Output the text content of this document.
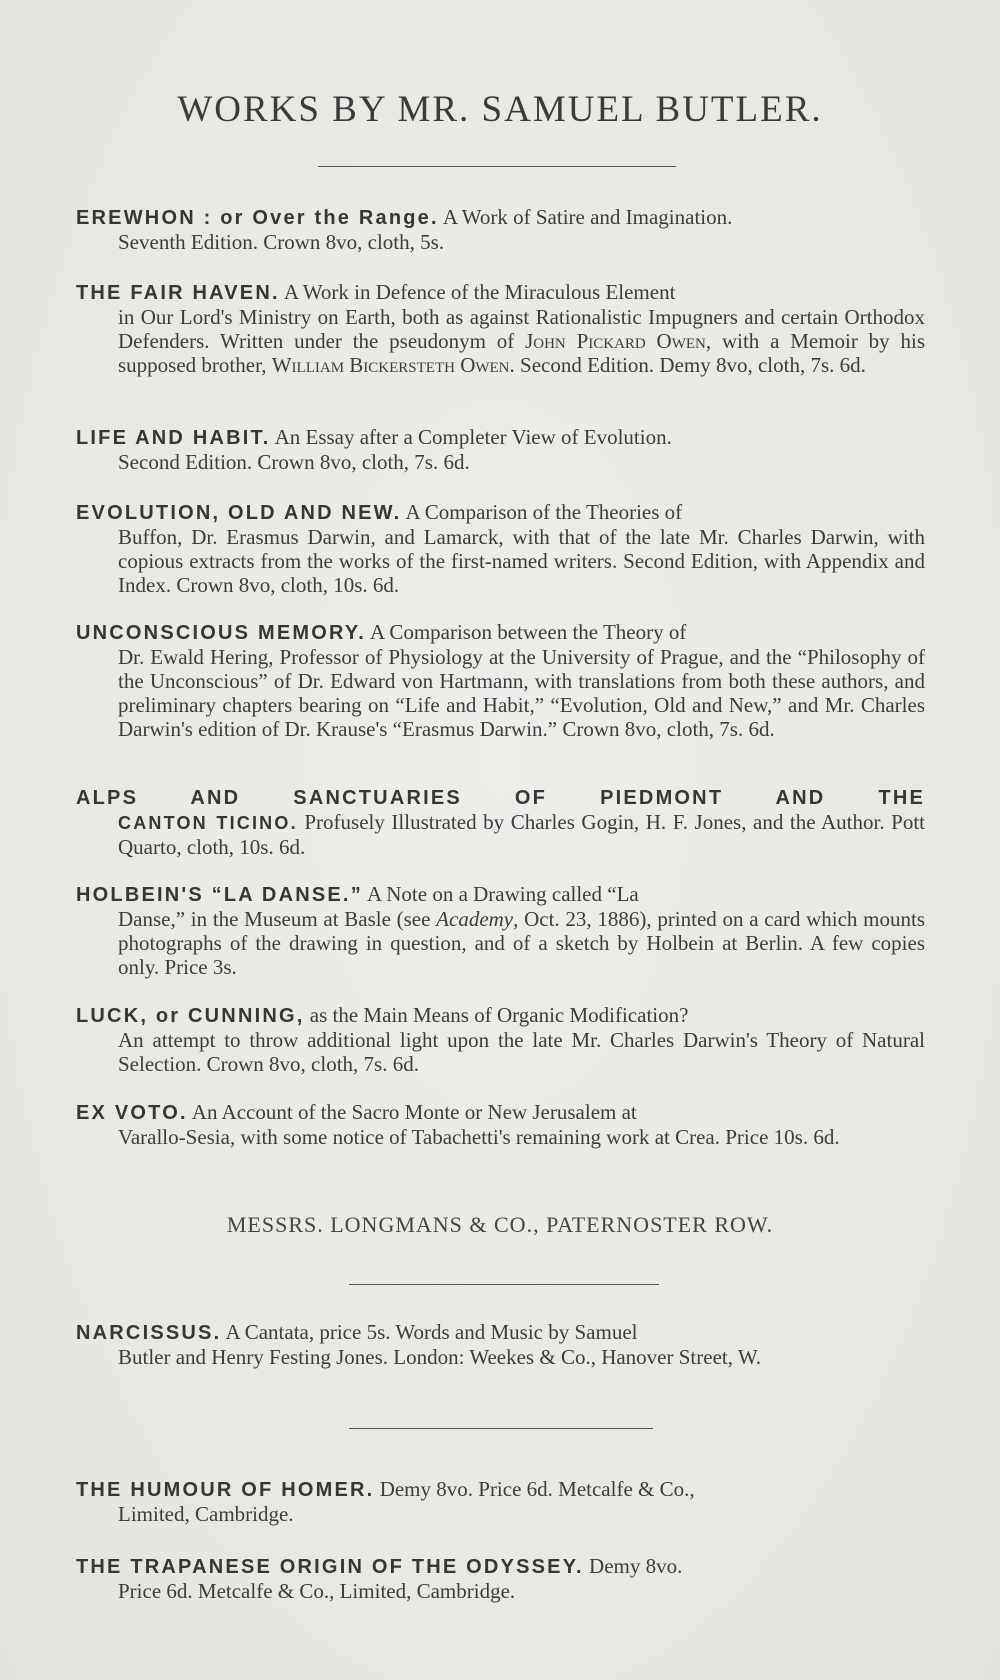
WORKS BY MR. SAMUEL BUTLER.

EREWHON : or Over the Range. A Work of Satire and Imagination.
Seventh Edition. Crown 8vo, cloth, 5s.

THE FAIR HAVEN. A Work in Defence of the Miraculous Element
in Our Lord's Ministry on Earth, both as against Rationalistic Impugners and certain Orthodox Defenders. Written under the pseudonym of John Pickard Owen, with a Memoir by his supposed brother, William Bickersteth Owen. Second Edition. Demy 8vo, cloth, 7s. 6d.

LIFE AND HABIT. An Essay after a Completer View of Evolution.
Second Edition. Crown 8vo, cloth, 7s. 6d.

EVOLUTION, OLD AND NEW. A Comparison of the Theories of
Buffon, Dr. Erasmus Darwin, and Lamarck, with that of the late Mr. Charles Darwin, with copious extracts from the works of the first-named writers. Second Edition, with Appendix and Index. Crown 8vo, cloth, 10s. 6d.

UNCONSCIOUS MEMORY. A Comparison between the Theory of
Dr. Ewald Hering, Professor of Physiology at the University of Prague, and the “Philosophy of the Unconscious” of Dr. Edward von Hartmann, with translations from both these authors, and preliminary chapters bearing on “Life and Habit,” “Evolution, Old and New,” and Mr. Charles Darwin's edition of Dr. Krause's “Erasmus Darwin.” Crown 8vo, cloth, 7s. 6d.

ALPS AND SANCTUARIES OF PIEDMONT AND THE
CANTON TICINO. Profusely Illustrated by Charles Gogin, H. F. Jones, and the Author. Pott Quarto, cloth, 10s. 6d.

HOLBEIN'S “LA DANSE.” A Note on a Drawing called “La
Danse,” in the Museum at Basle (see Academy, Oct. 23, 1886), printed on a card which mounts photographs of the drawing in question, and of a sketch by Holbein at Berlin. A few copies only. Price 3s.

LUCK, or CUNNING, as the Main Means of Organic Modification?
An attempt to throw additional light upon the late Mr. Charles Darwin's Theory of Natural Selection. Crown 8vo, cloth, 7s. 6d.

EX VOTO. An Account of the Sacro Monte or New Jerusalem at
Varallo-Sesia, with some notice of Tabachetti's remaining work at Crea. Price 10s. 6d.

MESSRS. LONGMANS & CO., PATERNOSTER ROW.

NARCISSUS. A Cantata, price 5s. Words and Music by Samuel
Butler and Henry Festing Jones. London: Weekes & Co., Hanover Street, W.

THE HUMOUR OF HOMER. Demy 8vo. Price 6d. Metcalfe & Co.,
Limited, Cambridge.

THE TRAPANESE ORIGIN OF THE ODYSSEY. Demy 8vo.
Price 6d. Metcalfe & Co., Limited, Cambridge.
